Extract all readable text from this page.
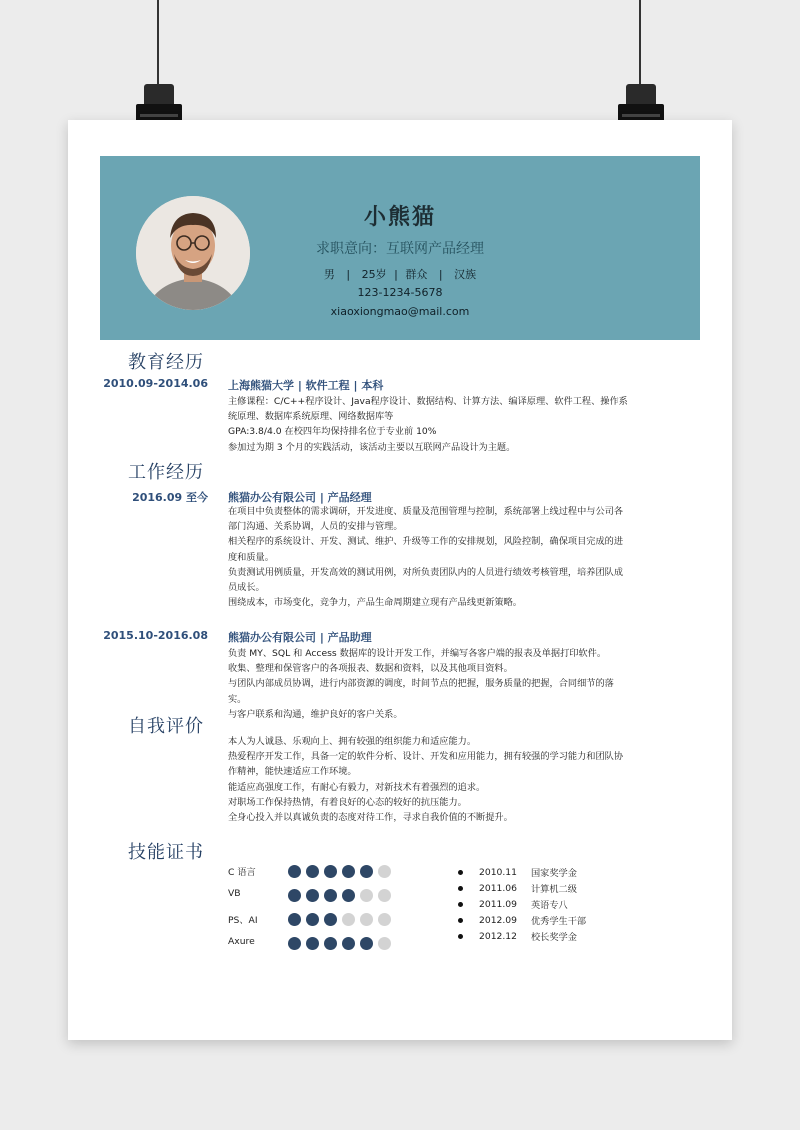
小熊猫
求职意向：互联网产品经理
男 | 25岁 | 群众 | 汉族
123-1234-5678
xiaoxiongmao@mail.com
教育经历
2010.09-2014.06 上海熊猫大学 | 软件工程 | 本科
主修课程：C/C++程序设计、Java程序设计、数据结构、计算方法、编译原理、软件工程、操作系统原理、数据库系统原理、网络数据库等
GPA:3.8/4.0 在校四年均保持排名位于专业前 10%
参加过为期 3 个月的实践活动，该活动主要以互联网产品设计为主题。
工作经历
2016.09 至今 熊猫办公有限公司 | 产品经理
在项目中负责整体的需求调研，开发进度、质量及范围管理与控制，系统部署上线过程中与公司各部门沟通、关系协调，人员的安排与管理。
相关程序的系统设计、开发、测试、维护、升级等工作的安排规划，风险控制，确保项目完成的进度和质量。
负责测试用例质量，开发高效的测试用例，对所负责团队内的人员进行绩效考核管理，培养团队成员成长。
围绕成本，市场变化，竞争力，产品生命周期建立现有产品线更新策略。
2015.10-2016.08 熊猫办公有限公司 | 产品助理
负责 MY、SQL 和 Access 数据库的设计开发工作，并编写各客户端的报表及单据打印软件。
收集、整理和保管客户的各项报表、数据和资料，以及其他项目资料。
与团队内部成员协调，进行内部资源的调度，时间节点的把握，服务质量的把握，合同细节的落实。
与客户联系和沟通，维护良好的客户关系。
自我评价
本人为人诚恳、乐观向上、拥有较强的组织能力和适应能力。
热爱程序开发工作，具备一定的软件分析、设计、开发和应用能力，拥有较强的学习能力和团队协作精神，能快速适应工作环境。
能适应高强度工作，有耐心有毅力，对新技术有着强烈的追求。
对职场工作保持热情，有着良好的心态的较好的抗压能力。
全身心投入并以真诚负责的态度对待工作，寻求自我价值的不断提升。
技能证书
C 语言
VB
PS、AI
Axure
2010.11	国家奖学金
2011.06	计算机二级
2011.09	英语专八
2012.09	优秀学生干部
2012.12	校长奖学金
